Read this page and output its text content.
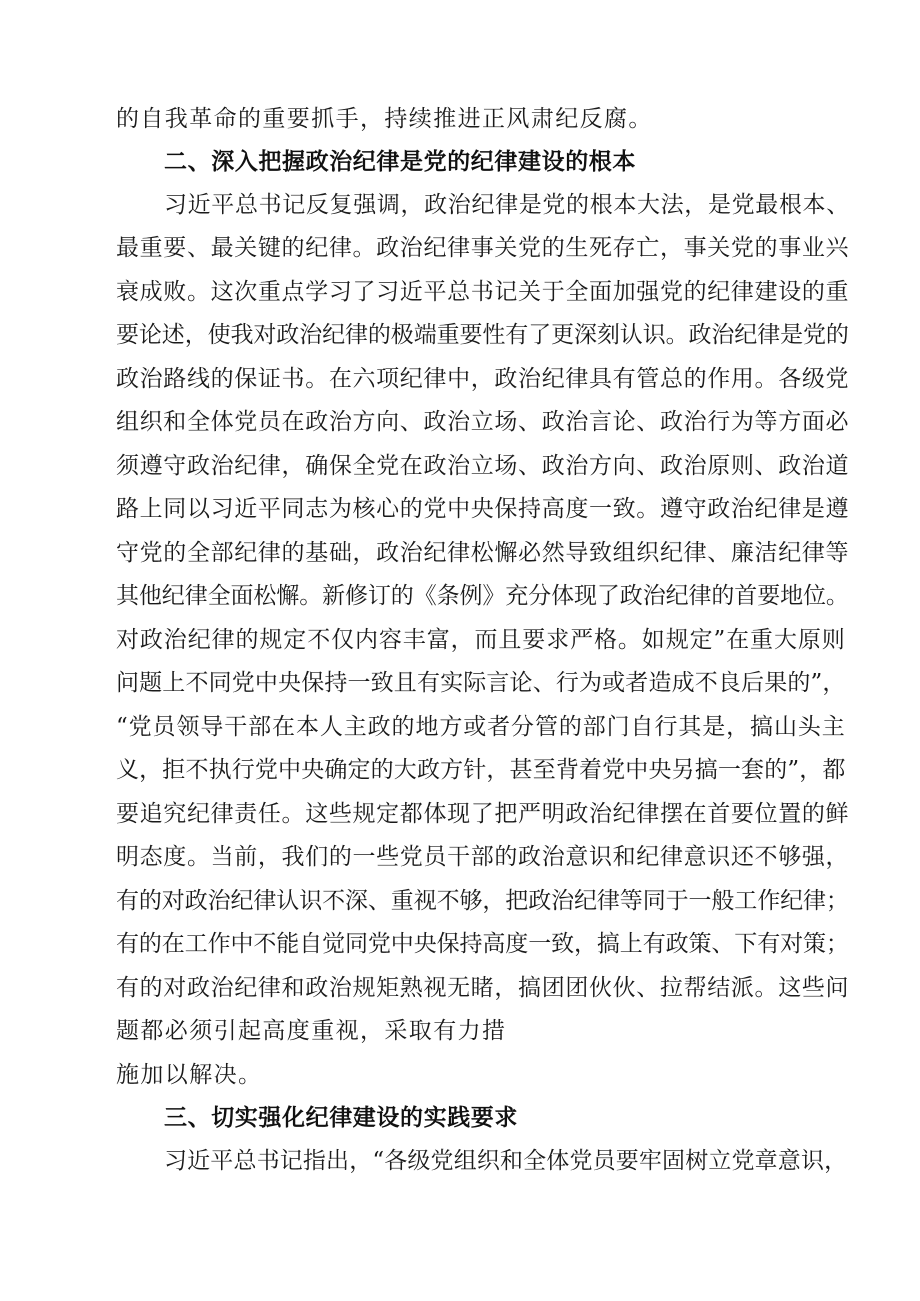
的自我革命的重要抓手，持续推进正风肃纪反腐。
二、深入把握政治纪律是党的纪律建设的根本
习近平总书记反复强调，政治纪律是党的根本大法，是党最根本、
最重要、最关键的纪律。政治纪律事关党的生死存亡，事关党的事业兴
衰成败。这次重点学习了习近平总书记关于全面加强党的纪律建设的重
要论述，使我对政治纪律的极端重要性有了更深刻认识。政治纪律是党的
政治路线的保证书。在六项纪律中，政治纪律具有管总的作用。各级党
组织和全体党员在政治方向、政治立场、政治言论、政治行为等方面必
须遵守政治纪律，确保全党在政治立场、政治方向、政治原则、政治道
路上同以习近平同志为核心的党中央保持高度一致。遵守政治纪律是遵
守党的全部纪律的基础，政治纪律松懈必然导致组织纪律、廉洁纪律等
其他纪律全面松懈。新修订的《条例》充分体现了政治纪律的首要地位。
对政治纪律的规定不仅内容丰富，而且要求严格。如规定”在重大原则
问题上不同党中央保持一致且有实际言论、行为或者造成不良后果的”，
“党员领导干部在本人主政的地方或者分管的部门自行其是，搞山头主
义，拒不执行党中央确定的大政方针，甚至背着党中央另搞一套的”，都
要追究纪律责任。这些规定都体现了把严明政治纪律摆在首要位置的鲜
明态度。当前，我们的一些党员干部的政治意识和纪律意识还不够强，
有的对政治纪律认识不深、重视不够，把政治纪律等同于一般工作纪律；
有的在工作中不能自觉同党中央保持高度一致，搞上有政策、下有对策；
有的对政治纪律和政治规矩熟视无睹，搞团团伙伙、拉帮结派。这些问
题都必须引起高度重视，采取有力措
施加以解决。
三、切实强化纪律建设的实践要求
习近平总书记指出，“各级党组织和全体党员要牢固树立党章意识，
